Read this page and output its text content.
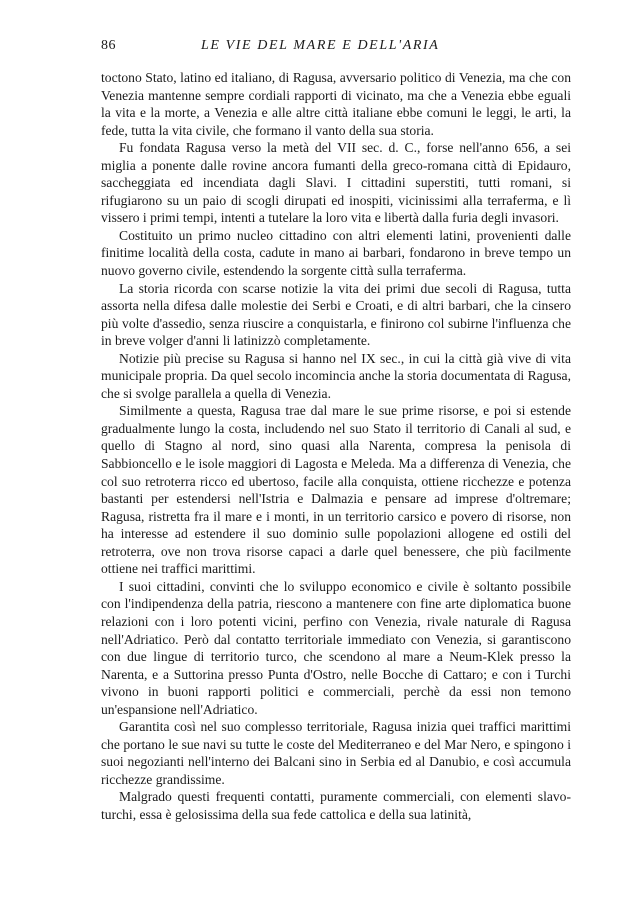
86	LE VIE DEL MARE E DELL'ARIA

toctono Stato, latino ed italiano, di Ragusa, avversario politico di Venezia, ma che con Venezia mantenne sempre cordiali rapporti di vicinato, ma che a Venezia ebbe eguali la vita e la morte, a Venezia e alle altre città italiane ebbe comuni le leggi, le arti, la fede, tutta la vita civile, che formano il vanto della sua storia.

Fu fondata Ragusa verso la metà del VII sec. d. C., forse nell'anno 656, a sei miglia a ponente dalle rovine ancora fumanti della greco-romana città di Epidauro, saccheggiata ed incendiata dagli Slavi. I cittadini superstiti, tutti romani, si rifugiarono su un paio di scogli dirupati ed inospiti, vicinissimi alla terraferma, e lì vissero i primi tempi, intenti a tutelare la loro vita e libertà dalla furia degli invasori.

Costituito un primo nucleo cittadino con altri elementi latini, provenienti dalle finitime località della costa, cadute in mano ai barbari, fondarono in breve tempo un nuovo governo civile, estendendo la sorgente città sulla terraferma.

La storia ricorda con scarse notizie la vita dei primi due secoli di Ragusa, tutta assorta nella difesa dalle molestie dei Serbi e Croati, e di altri barbari, che la cinsero più volte d'assedio, senza riuscire a conquistarla, e finirono col subirne l'influenza che in breve volger d'anni li latinizzò completamente.

Notizie più precise su Ragusa si hanno nel IX sec., in cui la città già vive di vita municipale propria. Da quel secolo incomincia anche la storia documentata di Ragusa, che si svolge parallela a quella di Venezia.

Similmente a questa, Ragusa trae dal mare le sue prime risorse, e poi si estende gradualmente lungo la costa, includendo nel suo Stato il territorio di Canali al sud, e quello di Stagno al nord, sino quasi alla Narenta, compresa la penisola di Sabbioncello e le isole maggiori di Lagosta e Meleda. Ma a differenza di Venezia, che col suo retroterra ricco ed ubertoso, facile alla conquista, ottiene ricchezze e potenza bastanti per estendersi nell'Istria e Dalmazia e pensare ad imprese d'oltremare; Ragusa, ristretta fra il mare e i monti, in un territorio carsico e povero di risorse, non ha interesse ad estendere il suo dominio sulle popolazioni allogene ed ostili del retroterra, ove non trova risorse capaci a darle quel benessere, che più facilmente ottiene nei traffici marittimi.

I suoi cittadini, convinti che lo sviluppo economico e civile è soltanto possibile con l'indipendenza della patria, riescono a mantenere con fine arte diplomatica buone relazioni con i loro potenti vicini, perfino con Venezia, rivale naturale di Ragusa nell'Adriatico. Però dal contatto territoriale immediato con Venezia, si garantiscono con due lingue di territorio turco, che scendono al mare a Neum-Klek presso la Narenta, e a Suttorina presso Punta d'Ostro, nelle Bocche di Cattaro; e con i Turchi vivono in buoni rapporti politici e commerciali, perchè da essi non temono un'espansione nell'Adriatico.

Garantita così nel suo complesso territoriale, Ragusa inizia quei traffici marittimi che portano le sue navi su tutte le coste del Mediterraneo e del Mar Nero, e spingono i suoi negozianti nell'interno dei Balcani sino in Serbia ed al Danubio, e così accumula ricchezze grandissime.

Malgrado questi frequenti contatti, puramente commerciali, con elementi slavo-turchi, essa è gelosissima della sua fede cattolica e della sua latinità,
